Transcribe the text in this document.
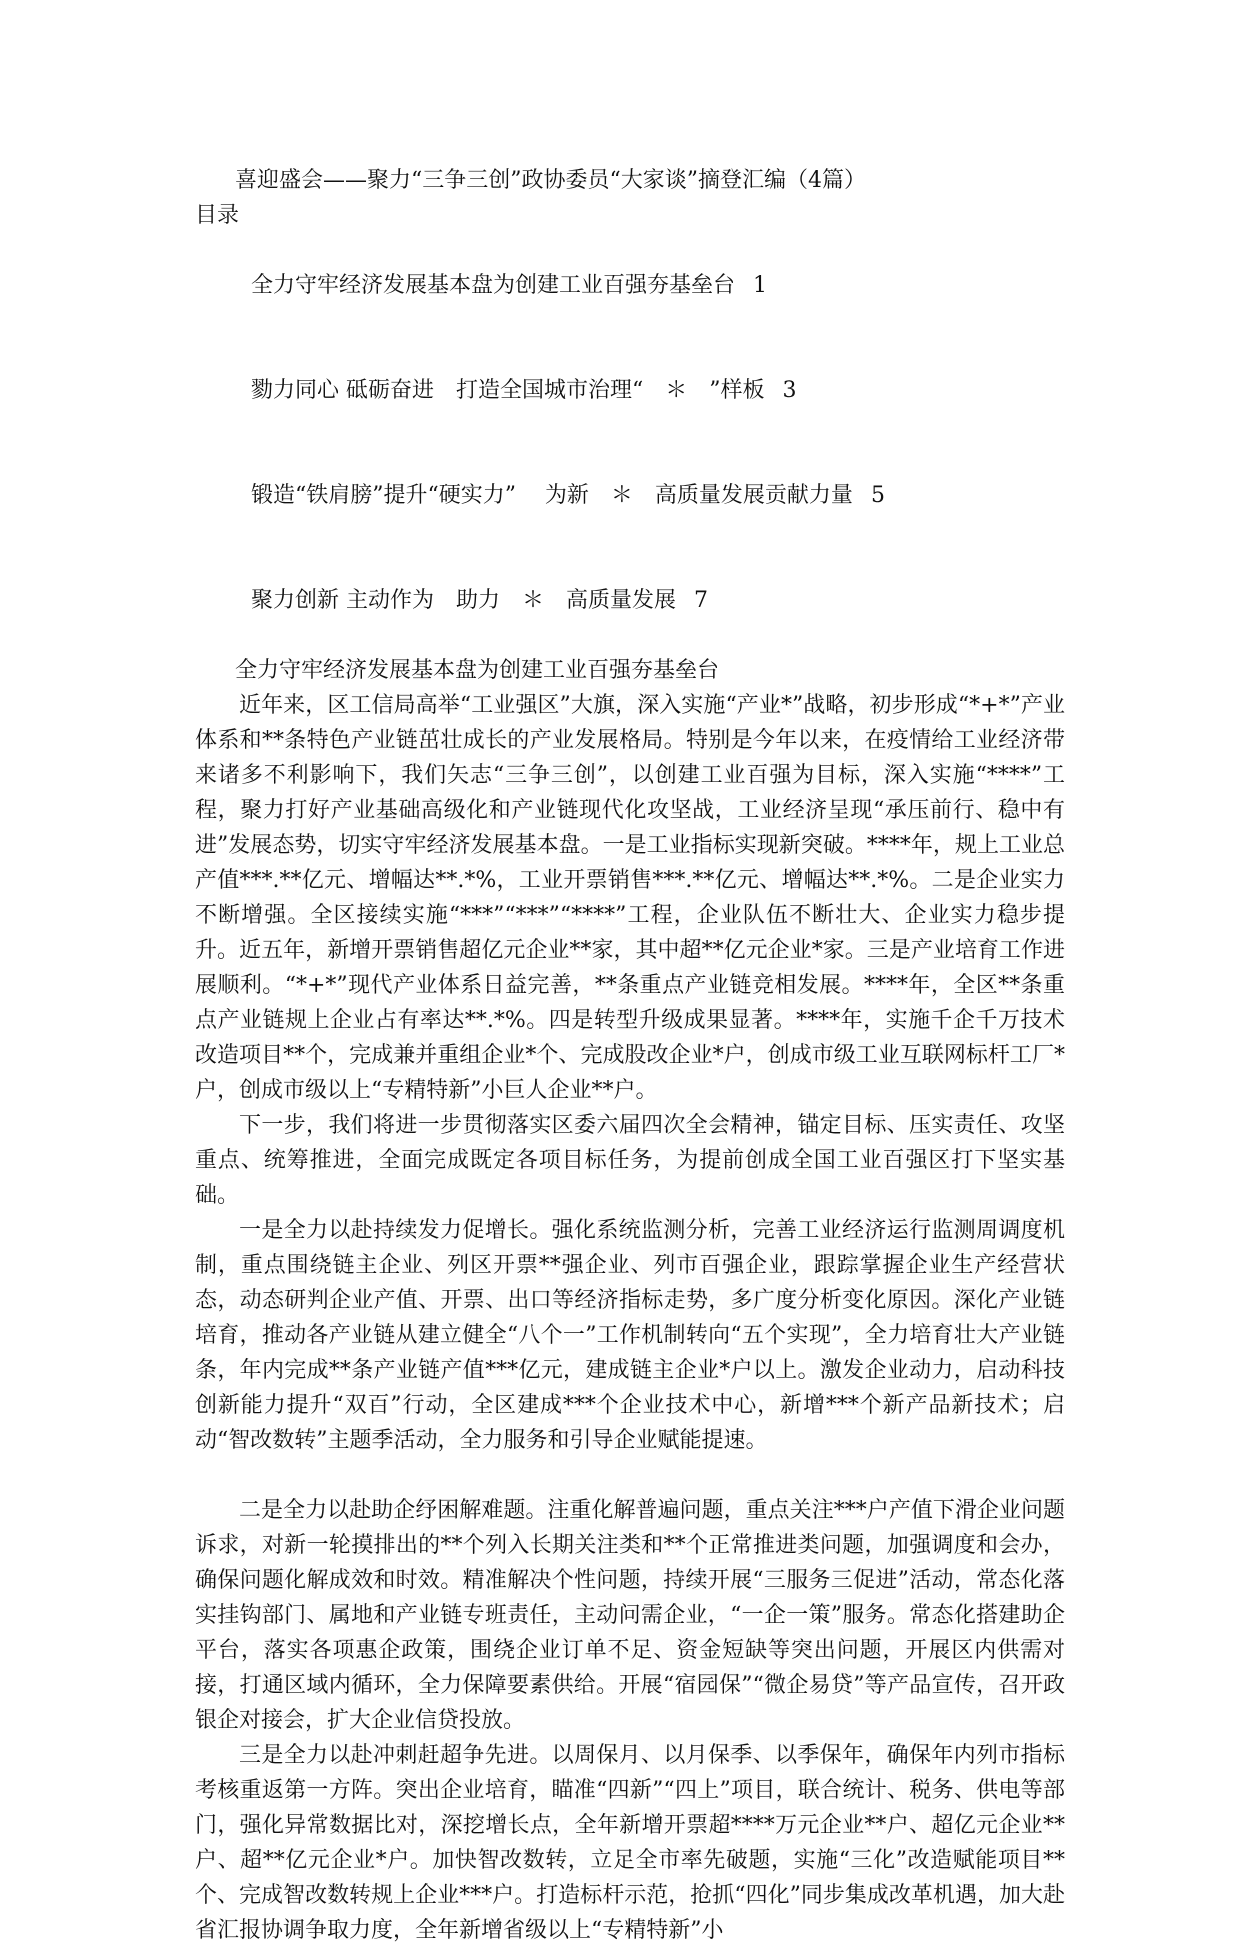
喜迎盛会——聚力“三争三创”政协委员“大家谈”摘登汇编（4篇）
目录

全力守牢经济发展基本盘为创建工业百强夯基垒台 1

勠力同心 砥砺奋进　打造全国城市治理“　＊　”样板 3

锻造“铁肩膀”提升“硬实力”　 为新　＊　高质量发展贡献力量 5

聚力创新 主动作为　助力　＊　高质量发展 7

全力守牢经济发展基本盘为创建工业百强夯基垒台

近年来，区工信局高举“工业强区”大旗，深入实施“产业*”战略，初步形成“*+*”产业体系和**条特色产业链茁壮成长的产业发展格局。特别是今年以来，在疫情给工业经济带来诸多不利影响下，我们矢志“三争三创”，以创建工业百强为目标，深入实施“****”工程，聚力打好产业基础高级化和产业链现代化攻坚战，工业经济呈现“承压前行、稳中有进”发展态势，切实守牢经济发展基本盘。一是工业指标实现新突破。****年，规上工业总产值***.**亿元、增幅达**.*%，工业开票销售***.**亿元、增幅达**.*%。二是企业实力不断增强。全区接续实施“***”“***”“****”工程，企业队伍不断壮大、企业实力稳步提升。近五年，新增开票销售超亿元企业**家，其中超**亿元企业*家。三是产业培育工作进展顺利。“*+*”现代产业体系日益完善，**条重点产业链竞相发展。****年，全区**条重点产业链规上企业占有率达**.*%。四是转型升级成果显著。****年，实施千企千万技术改造项目**个，完成兼并重组企业*个、完成股改企业*户，创成市级工业互联网标杆工厂*户，创成市级以上“专精特新”小巨人企业**户。

下一步，我们将进一步贯彻落实区委六届四次全会精神，锚定目标、压实责任、攻坚重点、统筹推进，全面完成既定各项目标任务，为提前创成全国工业百强区打下坚实基础。

一是全力以赴持续发力促增长。强化系统监测分析，完善工业经济运行监测周调度机制，重点围绕链主企业、列区开票**强企业、列市百强企业，跟踪掌握企业生产经营状态，动态研判企业产值、开票、出口等经济指标走势，多广度分析变化原因。深化产业链培育，推动各产业链从建立健全“八个一”工作机制转向“五个实现”，全力培育壮大产业链条，年内完成**条产业链产值***亿元，建成链主企业*户以上。激发企业动力，启动科技创新能力提升“双百”行动，全区建成***个企业技术中心，新增***个新产品新技术；启动“智改数转”主题季活动，全力服务和引导企业赋能提速。

二是全力以赴助企纾困解难题。注重化解普遍问题，重点关注***户产值下滑企业问题诉求，对新一轮摸排出的**个列入长期关注类和**个正常推进类问题，加强调度和会办，确保问题化解成效和时效。精准解决个性问题，持续开展“三服务三促进”活动，常态化落实挂钩部门、属地和产业链专班责任，主动问需企业，“一企一策”服务。常态化搭建助企平台，落实各项惠企政策，围绕企业订单不足、资金短缺等突出问题，开展区内供需对接，打通区域内循环，全力保障要素供给。开展“宿园保”“微企易贷”等产品宣传，召开政银企对接会，扩大企业信贷投放。

三是全力以赴冲刺赶超争先进。以周保月、以月保季、以季保年，确保年内列市指标考核重返第一方阵。突出企业培育，瞄准“四新”“四上”项目，联合统计、税务、供电等部门，强化异常数据比对，深挖增长点，全年新增开票超****万元企业**户、超亿元企业**户、超**亿元企业*户。加快智改数转，立足全市率先破题，实施“三化”改造赋能项目**个、完成智改数转规上企业***户。打造标杆示范，抢抓“四化”同步集成改革机遇，加大赴省汇报协调争取力度，全年新增省级以上“专精特新”小
